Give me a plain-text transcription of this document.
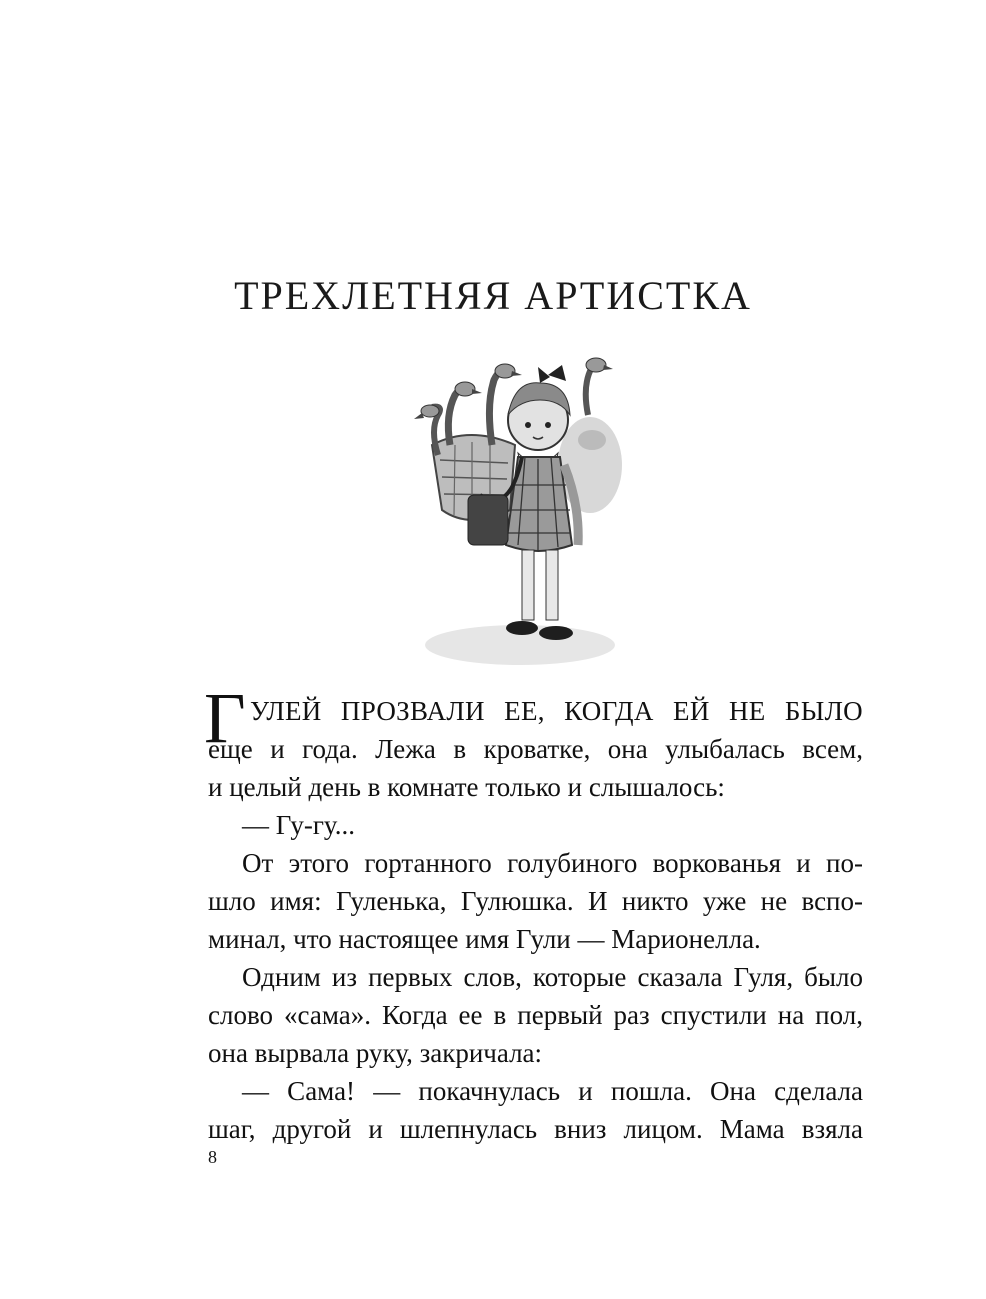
ТРЕХЛЕТНЯЯ АРТИСТКА
Г УЛЕЙ ПРОЗВАЛИ ЕЕ, КОГДА ЕЙ НЕ БЫЛО
еще и года. Лежа в кроватке, она улыбалась всем,
и целый день в комнате только и слышалось:
— Гу-гу...
От этого гортанного голубиного воркованья и по-
шло имя: Гуленька, Гулюшка. И никто уже не вспо-
минал, что настоящее имя Гули — Марионелла.
Одним из первых слов, которые сказала Гуля, было
слово «сама». Когда ее в первый раз спустили на пол,
она вырвала руку, закричала:
— Сама! — покачнулась и пошла. Она сделала
шаг, другой и шлепнулась вниз лицом. Мама взяла
8
